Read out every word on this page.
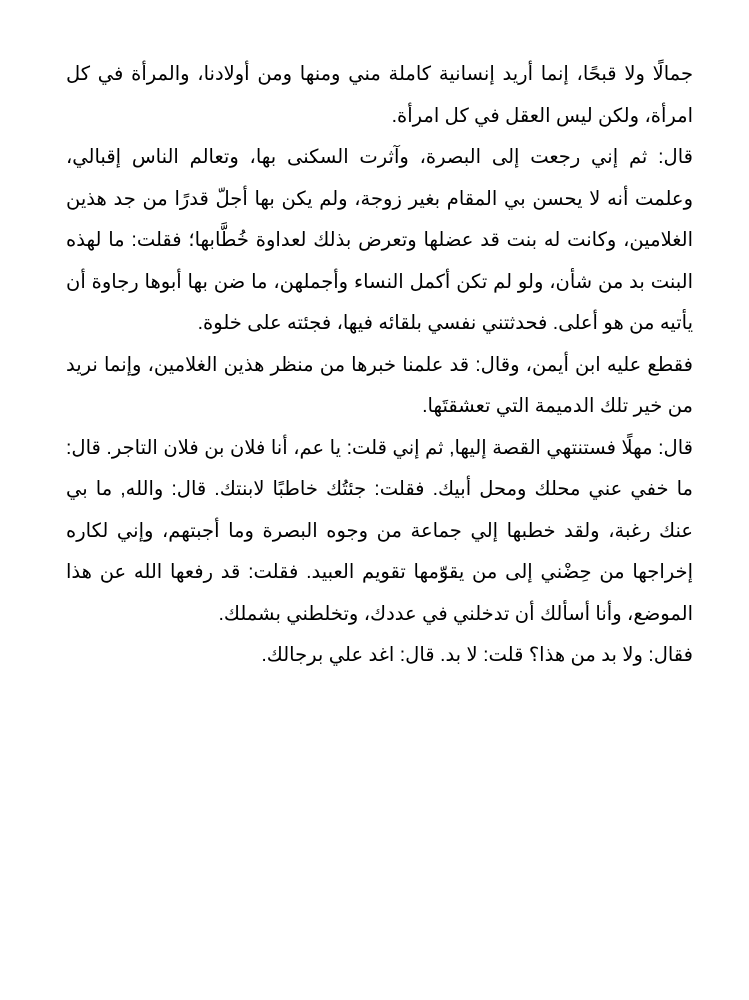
جمالًا ولا قبحًا، إنما أريد إنسانية كاملة مني ومنها ومن أولادنا، والمرأة في كل امرأة، ولكن ليس العقل في كل امرأة.

قال: ثم إني رجعت إلى البصرة، وآثرت السكنى بها، وتعالم الناس إقبالي، وعلمت أنه لا يحسن بي المقام بغير زوجة، ولم يكن بها أجلّ قدرًا من جد هذين الغلامين، وكانت له بنت قد عضلها وتعرض بذلك لعداوة خُطَّابها؛ فقلت: ما لهذه البنت بد من شأن، ولو لم تكن أكمل النساء وأجملهن، ما ضن بها أبوها رجاوة أن يأتيه من هو أعلى. فحدثتني نفسي بلقائه فيها، فجئته على خلوة.

فقطع عليه ابن أيمن، وقال: قد علمنا خبرها من منظر هذين الغلامين، وإنما نريد من خير تلك الدميمة التي تعشقتَها.

قال: مهلًا فستنتهي القصة إليها, ثم إني قلت: يا عم، أنا فلان بن فلان التاجر. قال: ما خفي عني محلك ومحل أبيك. فقلت: جئتُك خاطبًا لابنتك. قال: والله, ما بي عنك رغبة، ولقد خطبها إلي جماعة من وجوه البصرة وما أجبتهم، وإني لكاره إخراجها من حِضْني إلى من يقوّمها تقويم العبيد. فقلت: قد رفعها الله عن هذا الموضع، وأنا أسألك أن تدخلني في عددك، وتخلطني بشملك.

فقال: ولا بد من هذا؟ قلت: لا بد. قال: اغد علي برجالك.
